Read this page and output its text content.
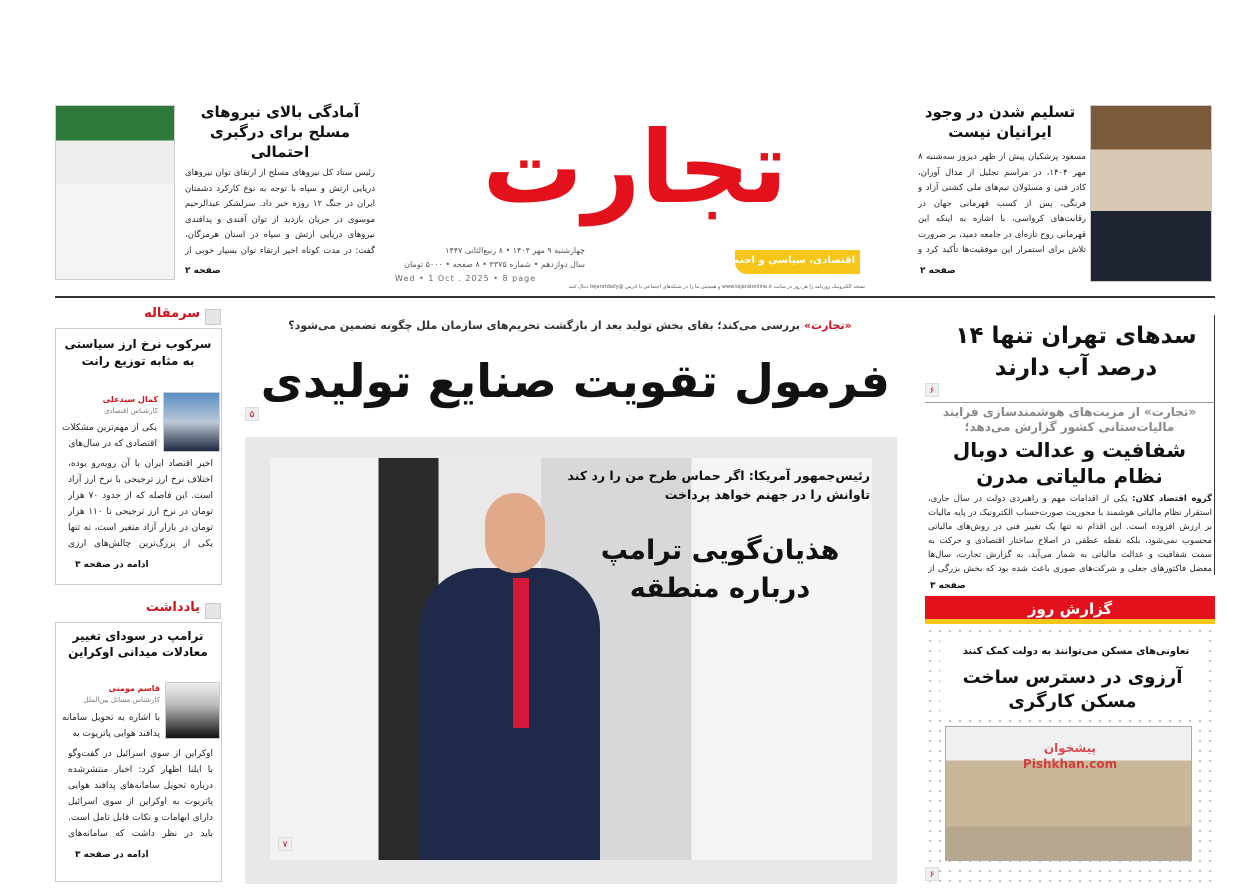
تجارت
اقتصادی، سیاسی و اجتماعی
چهارشنبه ۹ مهر ۱۴۰۴ • ۸ ربیع‌الثانی ۱۴۴۷
سال دوازدهم • شماره ۳۳۷۵ • ۸ صفحه • ۵۰۰۰ تومان
Wed • 1 Oct . 2025 • 8 page
نسخه الکترونیک روزنامه را هر روز در سایت www.tejaratonline.ir و همچنین ما را در شبکه‌های اجتماعی با آدرس @tejaratdaily دنبال کنید
آمادگی بالای نیروهای مسلح برای درگیری احتمالی
رئیس ستاد کل نیروهای مسلح از ارتقای توان نیروهای دریایی ارتش و سپاه با توجه به نوع کارکرد دشمنان ایران در جنگ ۱۲ روزه خبر داد. سرلشکر عبدالرحیم موسوی در جریان بازدید از توان آفندی و پدافندی نیروهای دریایی ارتش و سپاه در استان هرمزگان، گفت: در مدت کوتاه اخیر ارتقاء توان بسیار خوبی از
صفحه ۲
تسلیم شدن در وجود ایرانیان نیست
مسعود پزشکیان پیش از ظهر دیروز سه‌شنبه ۸ مهر ۱۴۰۴، در مراسم تجلیل از مدال آوران، کادر فنی و مسئولان تیم‌های ملی کشتی آزاد و فرنگی، پس از کسب قهرمانی جهان در رقابت‌های کرواسی، با اشاره به اینکه این قهرمانی روح تازه‌ای در جامعه دمید، بر ضرورت تلاش برای استمرار این موفقیت‌ها تأکید کرد و
صفحه ۲
سرمقاله
سرکوب نرخ ارز سیاستی به مثابه توزیع رانت
کمال سیدعلی
کارشناس اقتصادی
یکی از مهم‌ترین مشکلات اقتصادی که در سال‌های
اخیر اقتصاد ایران با آن روبه‌رو بوده، اختلاف نرخ ارز ترجیحی با نرخ ارز آزاد است. این فاصله که از حدود ۷۰ هزار تومان در نرخ ارز ترجیحی تا ۱۱۰ هزار تومان در بازار آزاد متغیر است، نه تنها یکی از بزرگ‌ترین چالش‌های ارزی
ادامه در صفحه ۳
یادداشت
ترامپ در سودای تغییر معادلات میدانی اوکراین
قاسم مومنی
کارشناس مسائل بین‌الملل
با اشاره به تحویل سامانه پدافند هوایی پاتریوت به
اوکراین از سوی اسرائیل در گفت‌وگو با ایلنا اظهار کرد: اخبار منتشرشده درباره تحویل سامانه‌های پدافند هوایی پاتریوت به اوکراین از سوی اسرائیل دارای ابهامات و نکات قابل تامل است. باید در نظر داشت که سامانه‌های
ادامه در صفحه ۳
«تجارت» بررسی می‌کند؛ بقای بخش تولید بعد از بازگشت تحریم‌های سازمان ملل چگونه تضمین می‌شود؟
فرمول تقویت صنایع تولیدی
۵
رئیس‌جمهور آمریکا: اگر حماس طرح من را رد کند تاوانش را در جهنم خواهد پرداخت
هذیان‌گویی ترامپ درباره منطقه
۷
سدهای تهران تنها ۱۴ درصد آب دارند
۶
«تجارت» از مزیت‌های هوشمندسازی فرایند مالیات‌ستانی کشور گزارش می‌دهد؛
شفافیت و عدالت دوبال نظام مالیاتی مدرن
گروه اقتصاد کلان: یکی از اقدامات مهم و راهبردی دولت در سال جاری، استقرار نظام مالیاتی هوشمند با محوریت صورت‌حساب الکترونیک در پایه مالیات بر ارزش افزوده است. این اقدام نه تنها یک تغییر فنی در روش‌های مالیاتی محسوب نمی‌شود، بلکه نقطه عطفی در اصلاح ساختار اقتصادی و حرکت به سمت شفافیت و عدالت مالیاتی به شمار می‌آید. به گزارش تجارت، سال‌ها معضل فاکتورهای جعلی و شرکت‌های صوری باعث شده بود که بخش بزرگی از
صفحه ۳
گزارش روز
تعاونی‌های مسکن می‌توانند به دولت کمک کنند
آرزوی در دسترس ساخت مسکن کارگری
پیشخوان Pishkhan.com
۶
